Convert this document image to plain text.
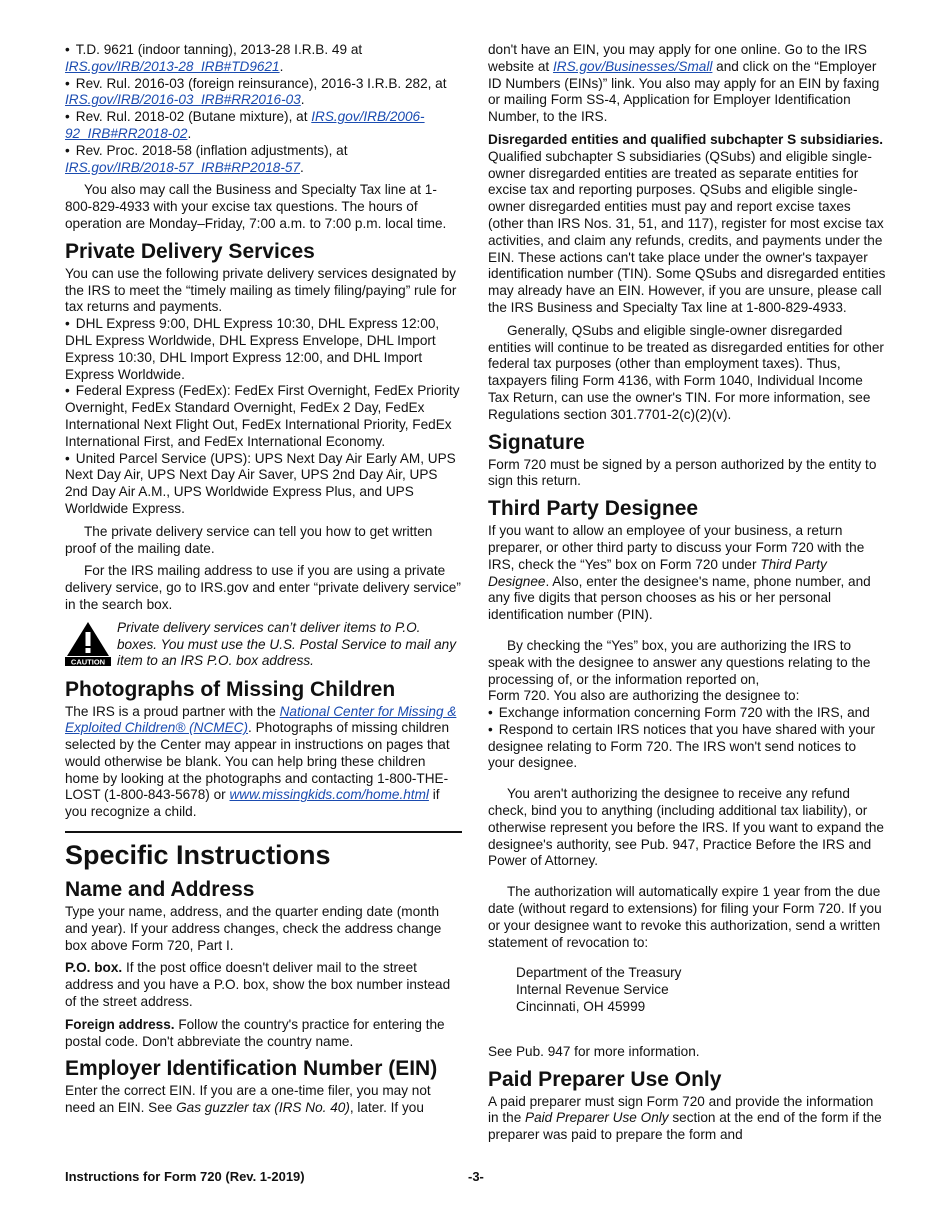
• T.D. 9621 (indoor tanning), 2013-28 I.R.B. 49 at IRS.gov/IRB/2013-28_IRB#TD9621.

• Rev. Rul. 2016-03 (foreign reinsurance), 2016-3 I.R.B. 282, at IRS.gov/IRB/2016-03_IRB#RR2016-03.

• Rev. Rul. 2018-02 (Butane mixture), at IRS.gov/IRB/2006-92_IRB#RR2018-02.

• Rev. Proc. 2018-58 (inflation adjustments), at IRS.gov/IRB/2018-57_IRB#RP2018-57.

You also may call the Business and Specialty Tax line at 1-800-829-4933 with your excise tax questions. The hours of operation are Monday–Friday, 7:00 a.m. to 7:00 p.m. local time.

Private Delivery Services

You can use the following private delivery services designated by the IRS to meet the “timely mailing as timely filing/paying” rule for tax returns and payments.

• DHL Express 9:00, DHL Express 10:30, DHL Express 12:00, DHL Express Worldwide, DHL Express Envelope, DHL Import Express 10:30, DHL Import Express 12:00, and DHL Import Express Worldwide.

• Federal Express (FedEx): FedEx First Overnight, FedEx Priority Overnight, FedEx Standard Overnight, FedEx 2 Day, FedEx International Next Flight Out, FedEx International Priority, FedEx International First, and FedEx International Economy.

• United Parcel Service (UPS): UPS Next Day Air Early AM, UPS Next Day Air, UPS Next Day Air Saver, UPS 2nd Day Air, UPS 2nd Day Air A.M., UPS Worldwide Express Plus, and UPS Worldwide Express.

The private delivery service can tell you how to get written proof of the mailing date.

For the IRS mailing address to use if you are using a private delivery service, go to IRS.gov and enter “private delivery service” in the search box.

CAUTION

Private delivery services can’t deliver items to P.O. boxes. You must use the U.S. Postal Service to mail any item to an IRS P.O. box address.

Photographs of Missing Children

The IRS is a proud partner with the National Center for Missing & Exploited Children® (NCMEC). Photographs of missing children selected by the Center may appear in instructions on pages that would otherwise be blank. You can help bring these children home by looking at the photographs and contacting 1-800-THE-LOST (1-800-843-5678) or www.missingkids.com/home.html if you recognize a child.

Specific Instructions
Name and Address

Type your name, address, and the quarter ending date (month and year). If your address changes, check the address change box above Form 720, Part I.

P.O. box. If the post office doesn't deliver mail to the street address and you have a P.O. box, show the box number instead of the street address.

Foreign address. Follow the country's practice for entering the postal code. Don't abbreviate the country name.

Employer Identification Number (EIN)

Enter the correct EIN. If you are a one-time filer, you may not need an EIN. See Gas guzzler tax (IRS No. 40), later. If you

don't have an EIN, you may apply for one online. Go to the IRS website at IRS.gov/Businesses/Small and click on the “Employer ID Numbers (EINs)” link. You also may apply for an EIN by faxing or mailing Form SS-4, Application for Employer Identification Number, to the IRS.

Disregarded entities and qualified subchapter S subsidiaries. Qualified subchapter S subsidiaries (QSubs) and eligible single-owner disregarded entities are treated as separate entities for excise tax and reporting purposes. QSubs and eligible single-owner disregarded entities must pay and report excise taxes (other than IRS Nos. 31, 51, and 117), register for most excise tax activities, and claim any refunds, credits, and payments under the EIN. These actions can't take place under the owner's taxpayer identification number (TIN). Some QSubs and disregarded entities may already have an EIN. However, if you are unsure, please call the IRS Business and Specialty Tax line at 1-800-829-4933.

Generally, QSubs and eligible single-owner disregarded entities will continue to be treated as disregarded entities for other federal tax purposes (other than employment taxes). Thus, taxpayers filing Form 4136, with Form 1040, Individual Income Tax Return, can use the owner's TIN. For more information, see Regulations section 301.7701-2(c)(2)(v).

Signature

Form 720 must be signed by a person authorized by the entity to sign this return.

Third Party Designee

If you want to allow an employee of your business, a return preparer, or other third party to discuss your Form 720 with the IRS, check the “Yes” box on Form 720 under Third Party Designee. Also, enter the designee's name, phone number, and any five digits that person chooses as his or her personal identification number (PIN).

By checking the “Yes” box, you are authorizing the IRS to speak with the designee to answer any questions relating to the processing of, or the information reported on,

Form 720. You also are authorizing the designee to:

• Exchange information concerning Form 720 with the IRS, and

• Respond to certain IRS notices that you have shared with your designee relating to Form 720. The IRS won't send notices to your designee.

You aren't authorizing the designee to receive any refund check, bind you to anything (including additional tax liability), or otherwise represent you before the IRS. If you want to expand the designee's authority, see Pub. 947, Practice Before the IRS and Power of Attorney.

The authorization will automatically expire 1 year from the due date (without regard to extensions) for filing your Form 720. If you or your designee want to revoke this authorization, send a written statement of revocation to:

Department of the Treasury

Internal Revenue Service

Cincinnati, OH 45999

See Pub. 947 for more information.

Paid Preparer Use Only

A paid preparer must sign Form 720 and provide the information in the Paid Preparer Use Only section at the end of the form if the preparer was paid to prepare the form and

Instructions for Form 720 (Rev. 1-2019)	-3-
